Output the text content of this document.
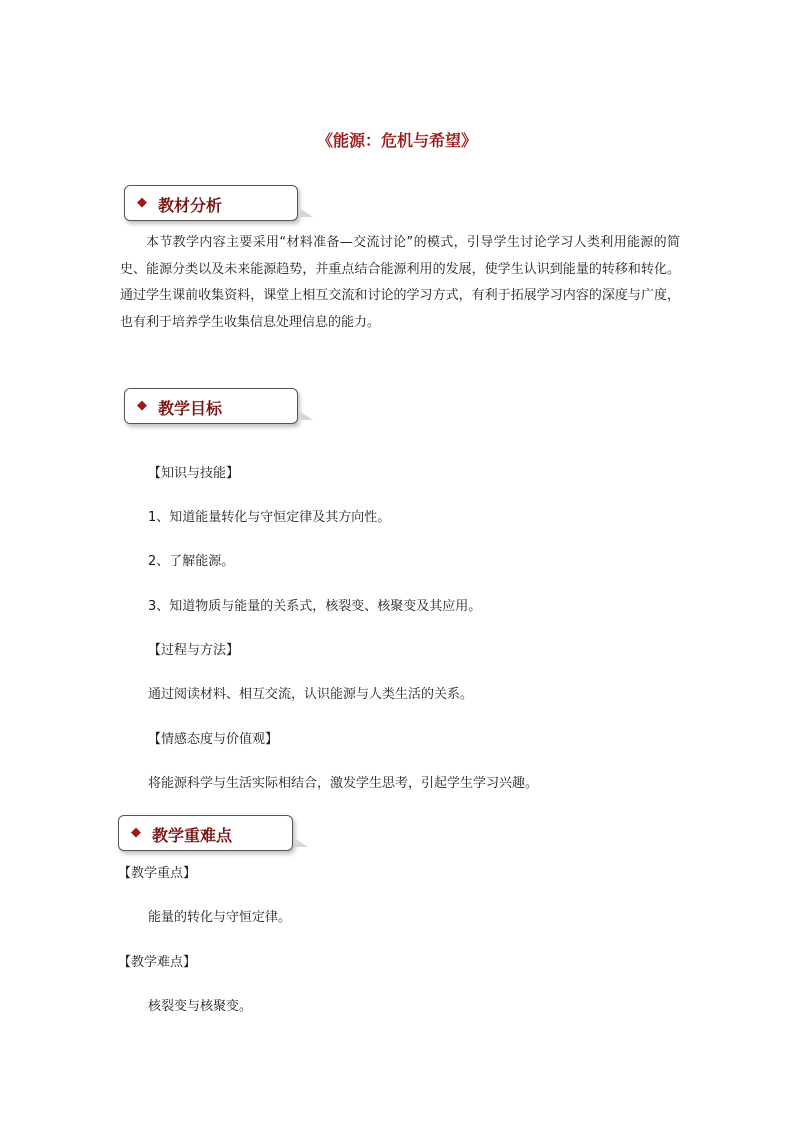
《能源：危机与希望》
◆ 教材分析
本节教学内容主要采用“材料准备—交流讨论”的模式，引导学生讨论学习人类利用能源的简史、能源分类以及未来能源趋势，并重点结合能源利用的发展，使学生认识到能量的转移和转化。通过学生课前收集资料，课堂上相互交流和讨论的学习方式，有利于拓展学习内容的深度与广度，也有利于培养学生收集信息处理信息的能力。
◆ 教学目标
【知识与技能】
1、知道能量转化与守恒定律及其方向性。
2、了解能源。
3、知道物质与能量的关系式，核裂变、核聚变及其应用。
【过程与方法】
通过阅读材料、相互交流，认识能源与人类生活的关系。
【情感态度与价值观】
将能源科学与生活实际相结合，激发学生思考，引起学生学习兴趣。
◆ 教学重难点
【教学重点】
能量的转化与守恒定律。
【教学难点】
核裂变与核聚变。
